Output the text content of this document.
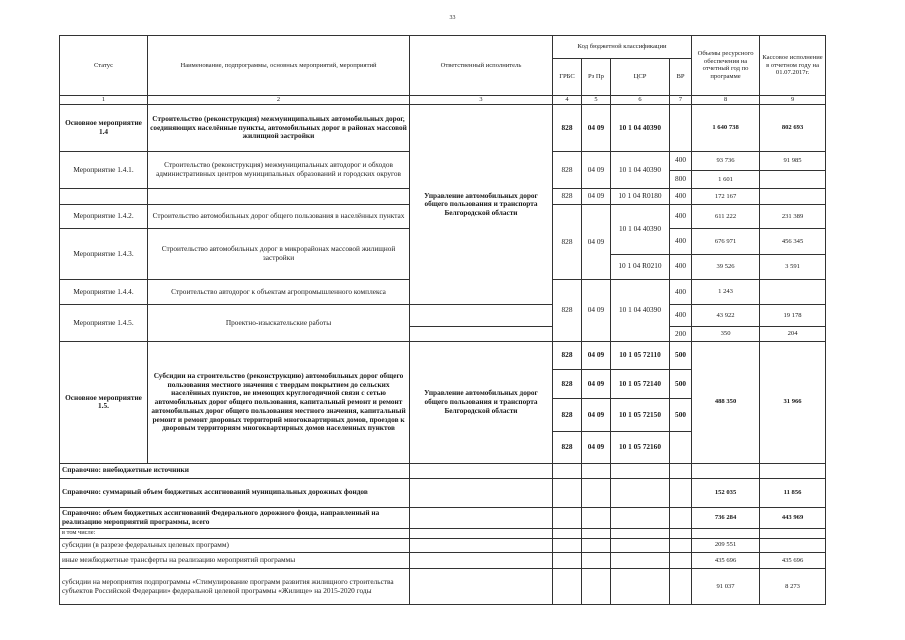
33
Статус	Наименование, подпрограммы, основных мероприятий, мероприятий	Ответственный исполнитель	Код бюджетной классификации				Объемы ресурсного обеспечения на отчетный год по программе	Кассовое исполнение в отчетном году на 01.07.2017г.
			ГРБС	Рз Пр	ЦСР	ВР		
1	2	3	4	5	6	7	8	9
Основное мероприятие 1.4	Строительство (реконструкция) межмуниципальных автомобильных дорог, соединяющих населённые пункты, автомобильных дорог в районах массовой жилищной застройки	Управление автомобильных дорог общего пользования и транспорта Белгородской области	828	04 09	10 1 04 40390		1 640 738	802 693
Мероприятие 1.4.1.	Строительство (реконструкция) межмуниципальных автодорог и обходов административных центров муниципальных образований и городских округов		828	04 09	10 1 04 40390	400	93 736	91 985
						800	1 601	
			828	04 09	10 1 04 R0180	400	172 167	
Мероприятие 1.4.2.	Строительство автомобильных дорог общего пользования в населённых пунктах		828	04 09	10 1 04 40390	400	611 222	231 389
Мероприятие 1.4.3.	Строительство автомобильных дорог в микрорайонах массовой жилищной застройки					400	676 971	456 345
					10 1 04 R0210	400	39 526	3 591
Мероприятие 1.4.4.	Строительство автодорог к объектам агропромышленного комплекса		828	04 09	10 1 04 40390	400	1 243	
Мероприятие 1.4.5.	Проектно-изыскательские работы					400	43 922	19 178
						200	350	204
Основное мероприятие 1.5.	Субсидии на строительство (реконструкцию) автомобильных дорог общего пользования местного значения с твердым покрытием до сельских населённых пунктов, не имеющих круглогодичной связи с сетью автомобильных дорог общего пользования, капитальный ремонт и ремонт автомобильных дорог общего пользования местного значения, капитальный ремонт и ремонт дворовых территорий многоквартирных домов, проездов к дворовым территориям многоквартирных домов населенных пунктов	Управление автомобильных дорог общего пользования и транспорта Белгородской области	828	04 09	10 1 05 72110	500	488 350	31 966
			828	04 09	10 1 05 72140	500		
			828	04 09	10 1 05 72150	500		
			828	04 09	10 1 05 72160			
Справочно: внебюджетные источники								
Справочно: суммарный объем бюджетных ассигнований муниципальных дорожных фондов							152 035	11 856
Справочно: объем бюджетных ассигнований Федерального дорожного фонда, направленный на реализацию мероприятий программы, всего							736 284	443 969
в том числе:								
субсидии (в разрезе федеральных целевых программ)							209 551	
иные межбюджетные трансферты на реализацию мероприятий программы							435 696	435 696
субсидии на мероприятия подпрограммы «Стимулирование программ развития жилищного строительства субъектов Российской Федерации» федеральной целевой программы «Жилище» на 2015-2020 годы							91 037	8 273
